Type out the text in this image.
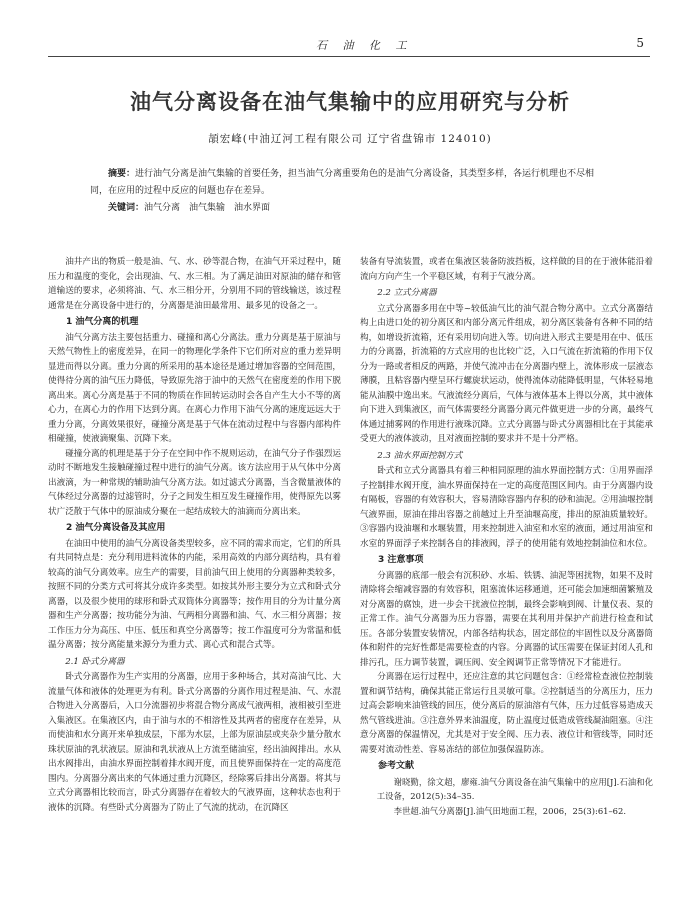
石 油 化 工	5
油气分离设备在油气集输中的应用研究与分析
頡宏峰(中油辽河工程有限公司 辽宁省盘锦市 124010)
摘要：进行油气分离是油气集输的首要任务，担当油气分离重要角色的是油气分离设备，其类型多样，各运行机理也不尽相同，在应用的过程中反应的问题也存在差异。
关键词：油气分离　油气集输　油水界面

油井产出的物质一般是油、气、水、砂等混合物，在油气开采过程中，随压力和温度的变化，会出现油、气、水三相。为了满足油田对原油的储存和管道输送的要求，必须将油、气、水三相分开，分别用不同的管线输送，该过程通常是在分离设备中进行的，分离器是油田最常用、最多见的设备之一。

1 油气分离的机理

油气分离方法主要包括重力、碰撞和离心分离法。重力分离是基于原油与天然气物性上的密度差异，在同一的物理化学条件下它们所对应的重力差异明显进而得以分离。重力分离的所采用的基本途径是通过增加容器的空间范围，使得待分离的油气压力降低，导致原先溶于油中的天然气在密度差的作用下脱离出来。离心分离是基于不同的物质在作回转运动时会各自产生大小不等的离心力，在离心力的作用下达到分离。在离心力作用下油气分离的速度远远大于重力分离，分离效果很好，碰撞分离是基于气体在流动过程中与容器内部构件相碰撞，使液滴聚集、沉降下来。

碰撞分离的机理是基于分子在空间中作不规则运动，在油气分子作强烈运动时不断地发生接触碰撞过程中进行的油气分离。该方法应用于从气体中分离出液滴，为一种常规的辅助油气分离方法。如过滤式分离器，当含微量液体的气体经过分离器的过滤管时，分子之间发生相互发生碰撞作用，使得原先以雾状广泛散于气体中的原油成分聚在一起结成较大的油滴而分离出来。

2 油气分离设备及其应用

在油田中使用的油气分离设备类型较多，应不同的需求而定，它们的所具有共同特点是：充分利用进料流体的内能，采用高效的内部分离结构，具有着较高的油气分离效率。应生产的需要，目前油气田上使用的分离器种类较多，按照不同的分类方式可将其分成许多类型。如按其外形主要分为立式和卧式分离器，以及很少使用的球形和卧式双筒体分离器等；按作用目的分为计量分离器和生产分离器；按功能分为油、气两相分离器和油、气、水三相分离器；按工作压力分为高压、中压、低压和真空分离器等；按工作温度可分为常温和低温分离器；按分离能量来源分为重力式、离心式和混合式等。

2.1 卧式分离器

卧式分离器作为生产实用的分离器，应用于多种场合，其对高油气比、大流量气体和液体的处理更为有利。卧式分离器的分离作用过程是油、气、水混合物进入分离器后，入口分流器初步将混合物分离成气液两相，液相被引至进入集液区。在集液区内，由于油与水的不相溶性及其两者的密度存在差异，从而使油和水分离开来单独成层，下部为水层，上部为原油层或夹杂少量分散水珠状原油的乳状液层。原油和乳状液从上方流至储油室，经出油阀排出。水从出水阀排出，由油水界面控制着排水阀开度，而且使界面保持在一定的高度范围内。分离器分离出来的气体通过重力沉降区，经除雾后排出分离器。将其与立式分离器相比较而言，卧式分离器存在着较大的气液界面，这种状态也利于液体的沉降。有些卧式分离器为了防止了气流的扰动，在沉降区

装备有导流装置，或者在集液区装备防波挡板，这样做的目的在于液体能沿着流向方向产生一个平稳区域，有利于气液分离。

2.2 立式分离器

立式分离器多用在中等~较低油气比的油气混合物分离中。立式分离器结构上由进口处的初分离区和内部分离元件组成，初分离区装备有各种不同的结构，如增设折流箱，还有采用切向进入等。切向进入形式主要是用在中、低压力的分离器，折流箱的方式应用的也比较广泛，入口气流在折流箱的作用下仅分为一路或者相反的两路，并使气流冲击在分离器内壁上，流体形成一层液态薄膜，且粘容器内壁呈环行螺旋状运动，使得流体动能降低明显，气体轻易地能从油膜中逸出来。气液流经分离后，气体与液体基本上得以分离，其中液体向下进入到集液区，而气体需要经分离器分离元件做更进一步的分离，最终气体通过捕雾网的作用进行液珠沉降。立式分离器与卧式分离器相比在于其能承受更大的液体波动，且对液面控制的要求并不是十分严格。

2.3 油水界面控制方式

卧式和立式分离器具有着三种相同原理的油水界面控制方式：①用界面浮子控制排水阀开度，油水界面保持在一定的高度范围区间内。由于分离器内设有隔板，容器的有效容积大，容易清除容器内存积的砂和油泥。②用油堰控制气液界面，原油在排出容器之前越过上升至油堰高度，排出的原油质量较好。③容器内设油堰和水堰装置，用来控制进入油室和水室的液面，通过用油室和水室的界面浮子来控制各自的排液阀，浮子的使用能有效地控制油位和水位。

3 注意事项

分离器的底部一般会有沉积砂、水垢、铁锈、油泥等困扰物，如果不及时清除将会缩减容器的有效容积，阻塞流体运移通道，还可能会加速细菌繁殖及对分离器的腐蚀，进一步会干扰液位控制，最终会影响到阀、计量仪表、泵的正常工作。油气分离器为压力容器，需要在其利用并保护产前进行检查和试压。各部分装置安装情况，内部各结构状态，固定部位的牢固性以及分离器筒体和附件的完好性都是需要检查的内容。分离器的试压需要在保证封闭人孔和排污孔，压力调节装置，调压阀、安全阀调节正常等情况下才能进行。

分离器在运行过程中，还应注意的其它问题包含：①经常检查液位控制装置和调节结构，确保其能正常运行且灵敏可靠。②控制适当的分离压力，压力过高会影响来油管线的回压，使分离后的原油溶有气体，压力过低容易造成天然气管线进油。③注意外界来油温度，防止温度过低造成管线凝油阻塞。④注意分离器的保温情况，尤其是对于安全阀、压力表、液位计和管线等，同时还需要对流动性差、容易冻结的部位加强保温防冻。

参考文献

谢晓勤，徐文超，廖雍.油气分离设备在油气集输中的应用[J].石油和化工设备，2012(5):34–35.

李世超.油气分离器[J].油气田地面工程，2006，25(3):61–62.
